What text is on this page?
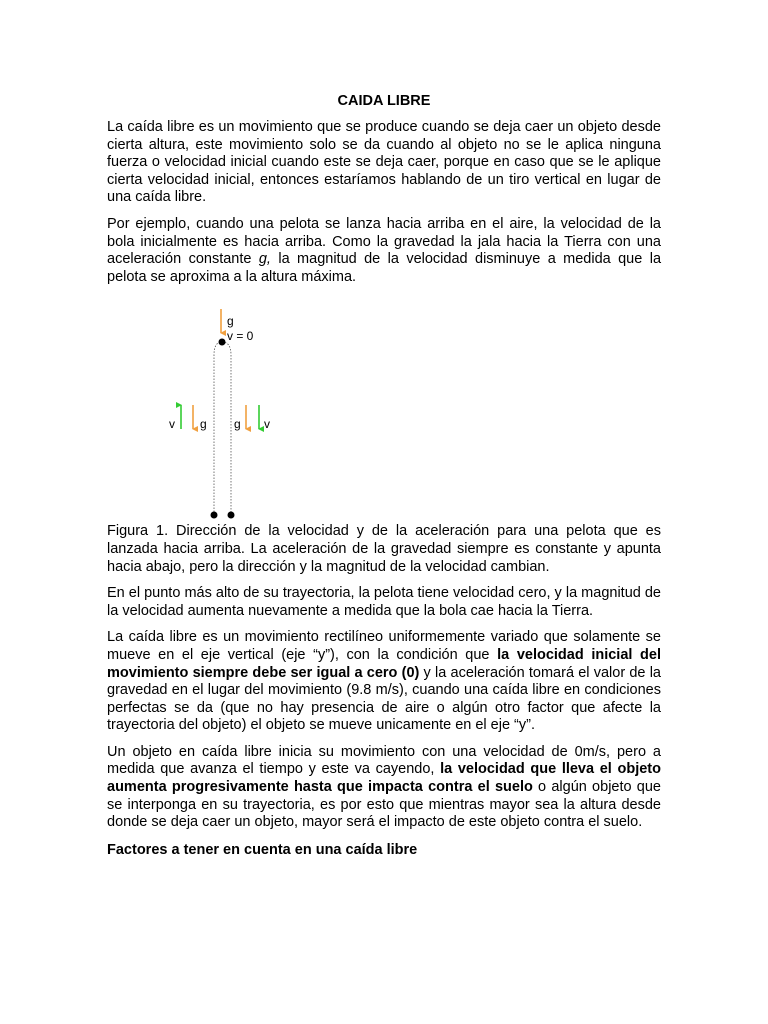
CAIDA LIBRE

La caída libre es un movimiento que se produce cuando se deja caer un objeto desde cierta altura, este movimiento solo se da cuando al objeto no se le aplica ninguna fuerza o velocidad inicial cuando este se deja caer, porque en caso que se le aplique cierta velocidad inicial, entonces estaríamos hablando de un tiro vertical en lugar de una caída libre.

Por ejemplo, cuando una pelota se lanza hacia arriba en el aire, la velocidad de la bola inicialmente es hacia arriba. Como la gravedad la jala hacia la Tierra con una aceleración constante g, la magnitud de la velocidad disminuye a medida que la pelota se aproxima a la altura máxima.

g
v = 0
v g g v

Figura 1. Dirección de la velocidad y de la aceleración para una pelota que es lanzada hacia arriba. La aceleración de la gravedad siempre es constante y apunta hacia abajo, pero la dirección y la magnitud de la velocidad cambian.

En el punto más alto de su trayectoria, la pelota tiene velocidad cero, y la magnitud de la velocidad aumenta nuevamente a medida que la bola cae hacia la Tierra.

La caída libre es un movimiento rectilíneo uniformemente variado que solamente se mueve en el eje vertical (eje “y”), con la condición que la velocidad inicial del movimiento siempre debe ser igual a cero (0) y la aceleración tomará el valor de la gravedad en el lugar del movimiento (9.8 m/s), cuando una caída libre en condiciones perfectas se da (que no hay presencia de aire o algún otro factor que afecte la trayectoria del objeto) el objeto se mueve unicamente en el eje “y”.

Un objeto en caída libre inicia su movimiento con una velocidad de 0m/s, pero a medida que avanza el tiempo y este va cayendo, la velocidad que lleva el objeto aumenta progresivamente hasta que impacta contra el suelo o algún objeto que se interponga en su trayectoria, es por esto que mientras mayor sea la altura desde donde se deja caer un objeto, mayor será el impacto de este objeto contra el suelo.

Factores a tener en cuenta en una caída libre
